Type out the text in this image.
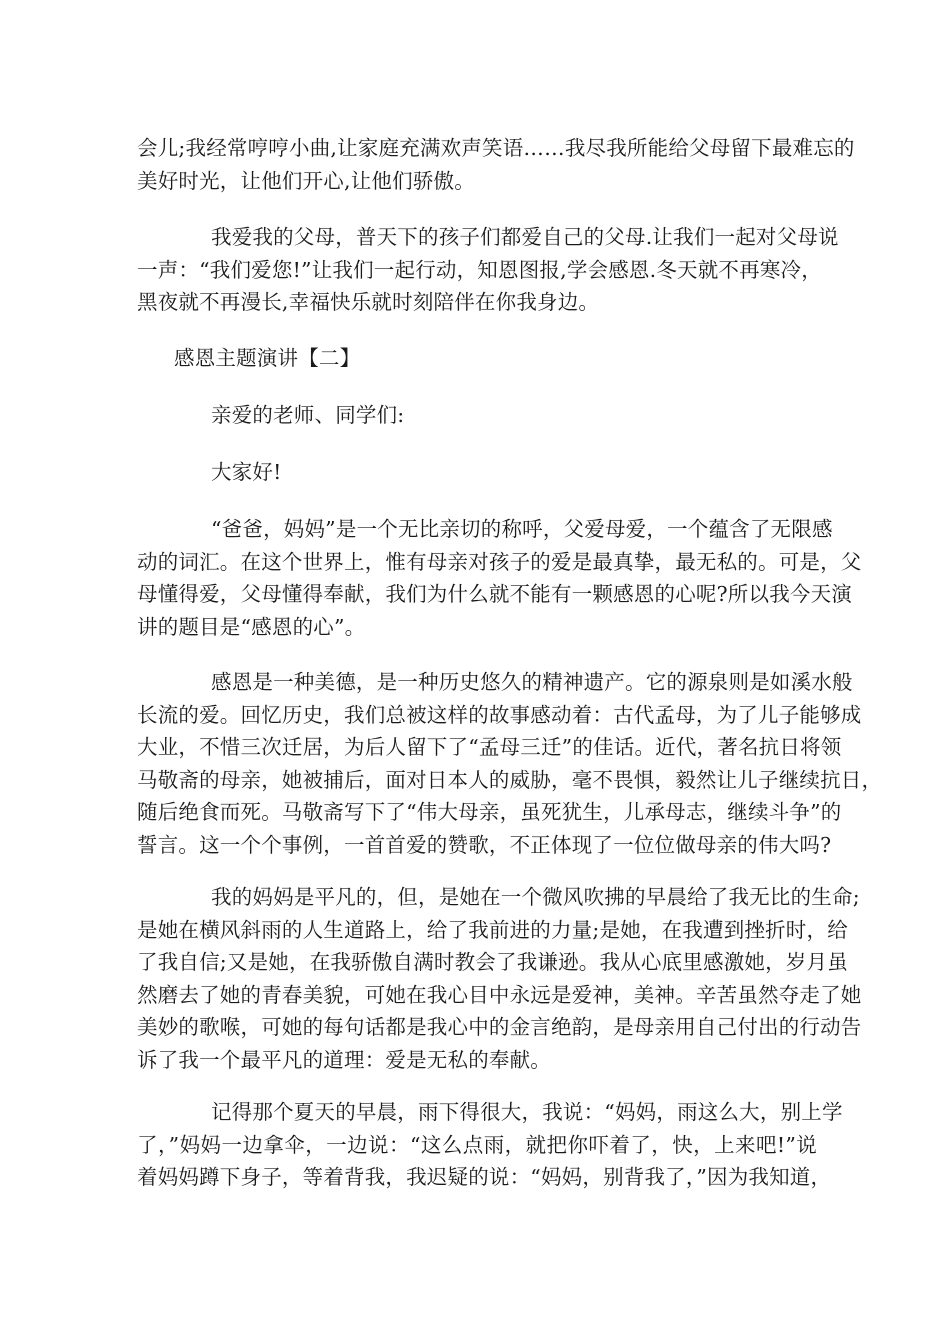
会儿;我经常哼哼小曲,让家庭充满欢声笑语……我尽我所能给父母留下最难忘的
美好时光，让他们开心,让他们骄傲。
我爱我的父母，普天下的孩子们都爱自己的父母.让我们一起对父母说
一声：“我们爱您!”让我们一起行动，知恩图报,学会感恩.冬天就不再寒冷，
黑夜就不再漫长,幸福快乐就时刻陪伴在你我身边。
感恩主题演讲【二】
亲爱的老师、同学们:
大家好!
“爸爸，妈妈”是一个无比亲切的称呼，父爱母爱，一个蕴含了无限感
动的词汇。在这个世界上，惟有母亲对孩子的爱是最真挚，最无私的。可是，父
母懂得爱，父母懂得奉献，我们为什么就不能有一颗感恩的心呢?所以我今天演
讲的题目是“感恩的心”。
感恩是一种美德，是一种历史悠久的精神遗产。它的源泉则是如溪水般
长流的爱。回忆历史，我们总被这样的故事感动着：古代孟母，为了儿子能够成
大业，不惜三次迁居，为后人留下了“孟母三迁”的佳话。近代，著名抗日将领
马敬斋的母亲，她被捕后，面对日本人的威胁，毫不畏惧，毅然让儿子继续抗日，
随后绝食而死。马敬斋写下了“伟大母亲，虽死犹生，儿承母志，继续斗争”的
誓言。这一个个事例，一首首爱的赞歌，不正体现了一位位做母亲的伟大吗?
我的妈妈是平凡的，但，是她在一个微风吹拂的早晨给了我无比的生命;
是她在横风斜雨的人生道路上，给了我前进的力量;是她，在我遭到挫折时，给
了我自信;又是她，在我骄傲自满时教会了我谦逊。我从心底里感激她，岁月虽
然磨去了她的青春美貌，可她在我心目中永远是爱神，美神。辛苦虽然夺走了她
美妙的歌喉，可她的每句话都是我心中的金言绝韵，是母亲用自己付出的行动告
诉了我一个最平凡的道理：爱是无私的奉献。
记得那个夏天的早晨，雨下得很大，我说：“妈妈，雨这么大，别上学
了，”妈妈一边拿伞，一边说：“这么点雨，就把你吓着了，快，上来吧!”说
着妈妈蹲下身子，等着背我，我迟疑的说：“妈妈，别背我了，”因为我知道，
